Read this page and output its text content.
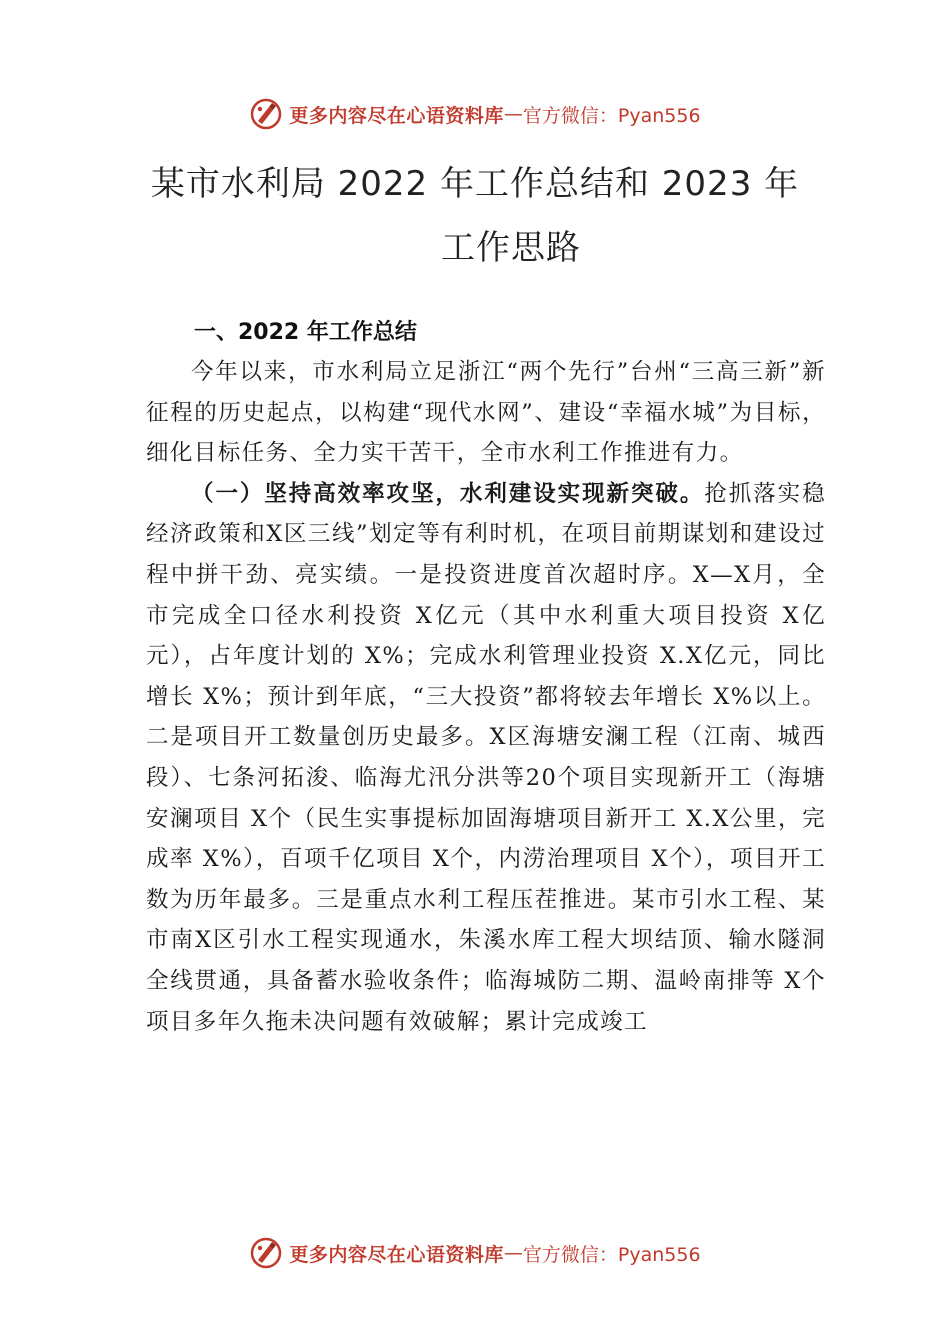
更多内容尽在心语资料库 — 官方微信：Pyan556
某市水利局 2022 年工作总结和 2023 年
工作思路
一、2022 年工作总结

今年以来，市水利局立足浙江“两个先行”台州“三高三新”新征程的历史起点，以构建“现代水网”、建设“幸福水城”为目标，细化目标任务、全力实干苦干，全市水利工作推进有力。

（一）坚持高效率攻坚，水利建设实现新突破。抢抓落实稳经济政策和X区三线”划定等有利时机，在项目前期谋划和建设过程中拼干劲、亮实绩。一是投资进度首次超时序。X—X月，全市完成全口径水利投资 X亿元（其中水利重大项目投资 X亿元），占年度计划的 X%；完成水利管理业投资 X.X亿元，同比增长 X%；预计到年底，“三大投资”都将较去年增长 X%以上。二是项目开工数量创历史最多。X区海塘安澜工程（江南、城西段）、七条河拓浚、临海尤汛分洪等20个项目实现新开工（海塘安澜项目 X个（民生实事提标加固海塘项目新开工 X.X公里，完成率 X%），百项千亿项目 X个，内涝治理项目 X个），项目开工数为历年最多。三是重点水利工程压茬推进。某市引水工程、某市南X区引水工程实现通水，朱溪水库工程大坝结顶、输水隧洞全线贯通，具备蓄水验收条件；临海城防二期、温岭南排等 X个项目多年久拖未决问题有效破解；累计完成竣工

更多内容尽在心语资料库 — 官方微信：Pyan556
